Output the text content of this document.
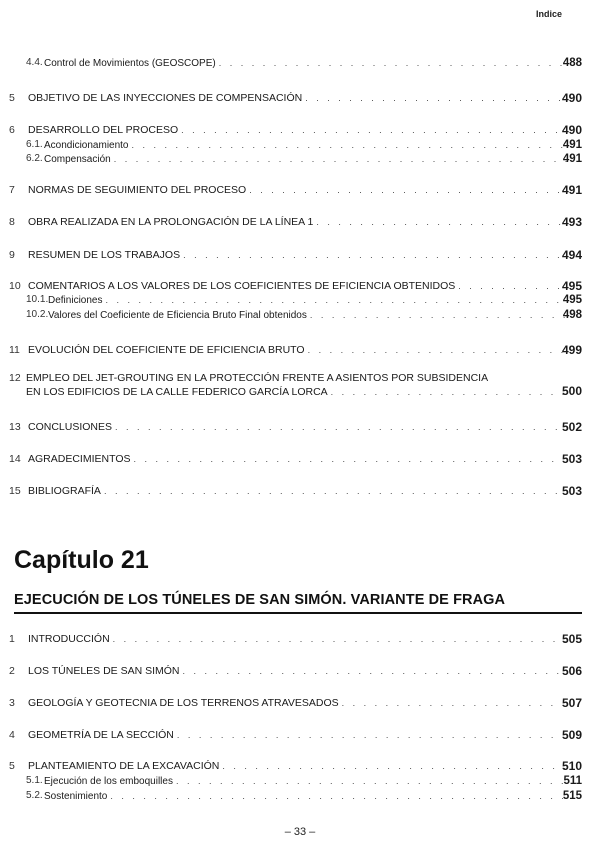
Indice
4.4. Control de Movimientos (GEOSCOPE) . . .	488
5 OBJETIVO DE LAS INYECCIONES DE COMPENSACIÓN . . .	490
6 DESARROLLO DEL PROCESO . . .	490
6.1. Acondicionamiento . . .	491
6.2. Compensación . . .	491
7 NORMAS DE SEGUIMIENTO DEL PROCESO . . .	491
8 OBRA REALIZADA EN LA PROLONGACIÓN DE LA LÍNEA 1 . . .	493
9 RESUMEN DE LOS TRABAJOS . . .	494
10 COMENTARIOS A LOS VALORES DE LOS COEFICIENTES DE EFICIENCIA OBTENIDOS . . .	495
10.1. Definiciones . . .	495
10.2. Valores del Coeficiente de Eficiencia Bruto Final obtenidos . . .	498
11 EVOLUCIÓN DEL COEFICIENTE DE EFICIENCIA BRUTO . . .	499
12 EMPLEO DEL JET-GROUTING EN LA PROTECCIÓN FRENTE A ASIENTOS POR SUBSIDENCIA
EN LOS EDIFICIOS DE LA CALLE FEDERICO GARCÍA LORCA . . .	500
13 CONCLUSIONES . . .	502
14 AGRADECIMIENTOS . . .	503
15 BIBLIOGRAFÍA . . .	503
Capítulo 21
EJECUCIÓN DE LOS TÚNELES DE SAN SIMÓN. VARIANTE DE FRAGA
1 INTRODUCCIÓN . . .	505
2 LOS TÚNELES DE SAN SIMÓN . . .	506
3 GEOLOGÍA Y GEOTECNIA DE LOS TERRENOS ATRAVESADOS . . .	507
4 GEOMETRÍA DE LA SECCIÓN . . .	509
5 PLANTEAMIENTO DE LA EXCAVACIÓN . . .	510
5.1. Ejecución de los emboquilles . . .	511
5.2. Sostenimiento . . .	515
– 33 –
